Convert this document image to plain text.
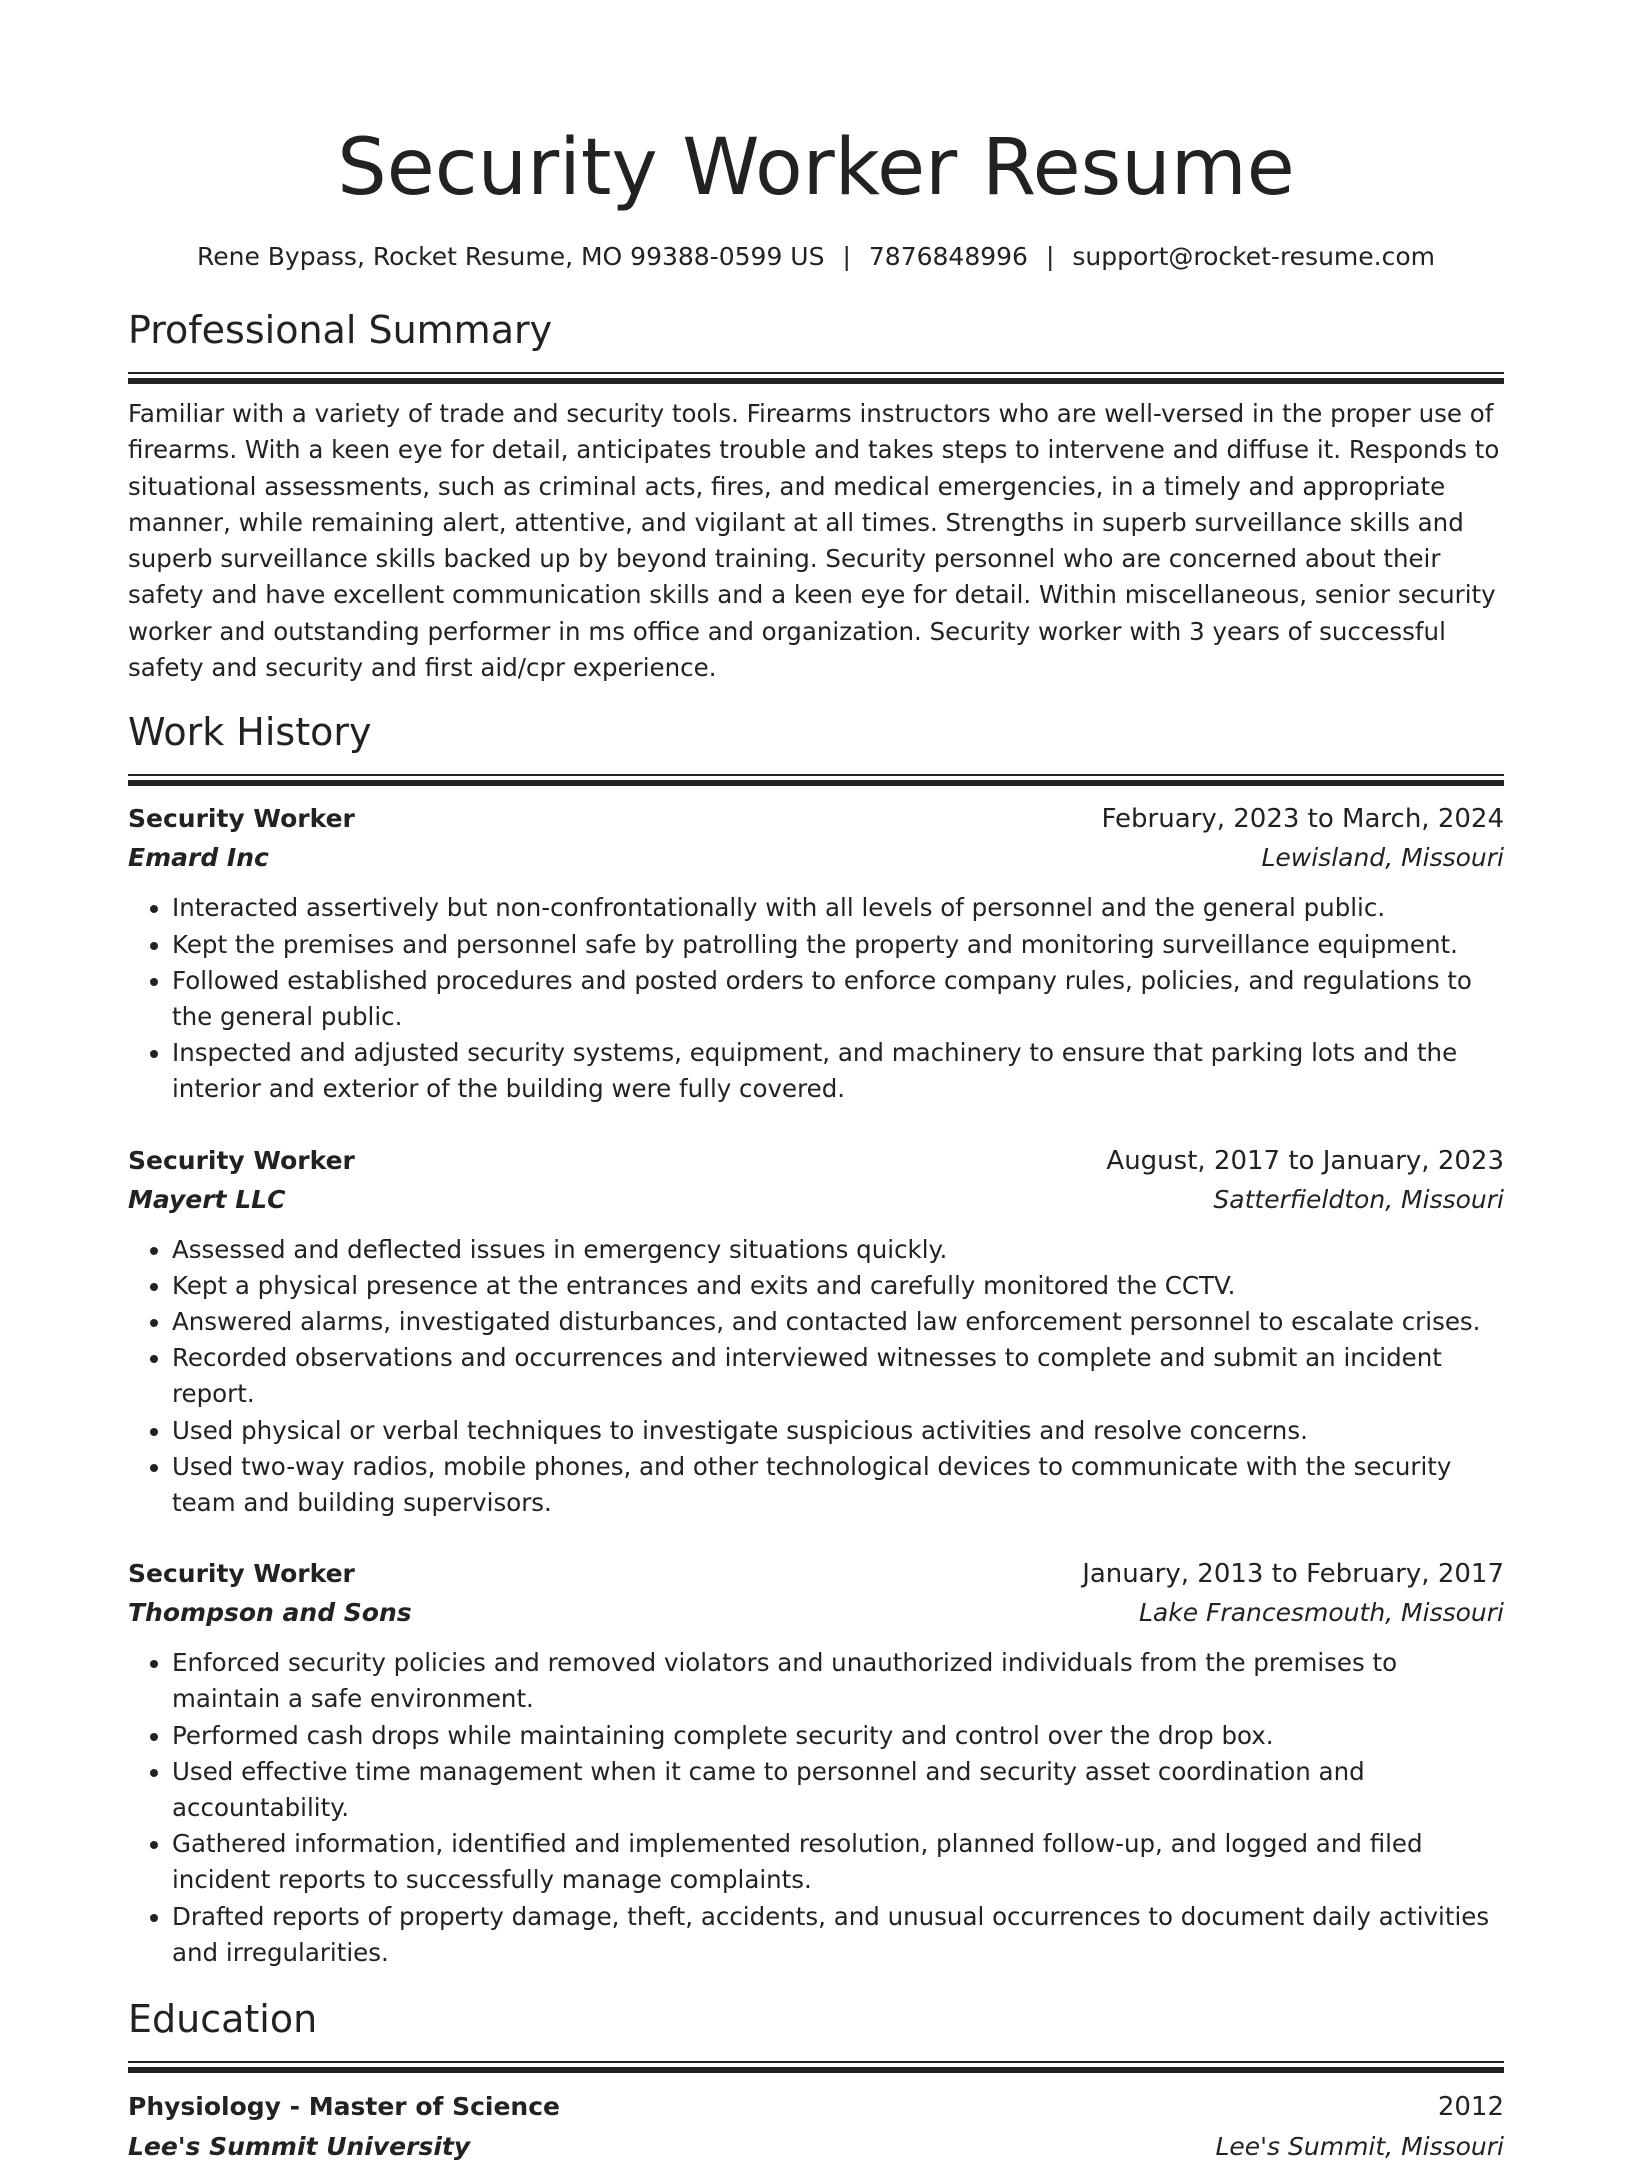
Security Worker Resume
Rene Bypass, Rocket Resume, MO 99388-0599 US | 7876848996 | support@rocket-resume.com
Professional Summary
Familiar with a variety of trade and security tools. Firearms instructors who are well-versed in the proper use of firearms. With a keen eye for detail, anticipates trouble and takes steps to intervene and diffuse it. Responds to situational assessments, such as criminal acts, fires, and medical emergencies, in a timely and appropriate manner, while remaining alert, attentive, and vigilant at all times. Strengths in superb surveillance skills and superb surveillance skills backed up by beyond training. Security personnel who are concerned about their safety and have excellent communication skills and a keen eye for detail. Within miscellaneous, senior security worker and outstanding performer in ms office and organization. Security worker with 3 years of successful safety and security and first aid/cpr experience.
Work History
Security Worker	February, 2023 to March, 2024
Emard Inc	Lewisland, Missouri
• Interacted assertively but non-confrontationally with all levels of personnel and the general public.
• Kept the premises and personnel safe by patrolling the property and monitoring surveillance equipment.
• Followed established procedures and posted orders to enforce company rules, policies, and regulations to the general public.
• Inspected and adjusted security systems, equipment, and machinery to ensure that parking lots and the interior and exterior of the building were fully covered.
Security Worker	August, 2017 to January, 2023
Mayert LLC	Satterfieldton, Missouri
• Assessed and deflected issues in emergency situations quickly.
• Kept a physical presence at the entrances and exits and carefully monitored the CCTV.
• Answered alarms, investigated disturbances, and contacted law enforcement personnel to escalate crises.
• Recorded observations and occurrences and interviewed witnesses to complete and submit an incident report.
• Used physical or verbal techniques to investigate suspicious activities and resolve concerns.
• Used two-way radios, mobile phones, and other technological devices to communicate with the security team and building supervisors.
Security Worker	January, 2013 to February, 2017
Thompson and Sons	Lake Francesmouth, Missouri
• Enforced security policies and removed violators and unauthorized individuals from the premises to maintain a safe environment.
• Performed cash drops while maintaining complete security and control over the drop box.
• Used effective time management when it came to personnel and security asset coordination and accountability.
• Gathered information, identified and implemented resolution, planned follow-up, and logged and filed incident reports to successfully manage complaints.
• Drafted reports of property damage, theft, accidents, and unusual occurrences to document daily activities and irregularities.
Education
Physiology - Master of Science	2012
Lee's Summit University	Lee's Summit, Missouri
